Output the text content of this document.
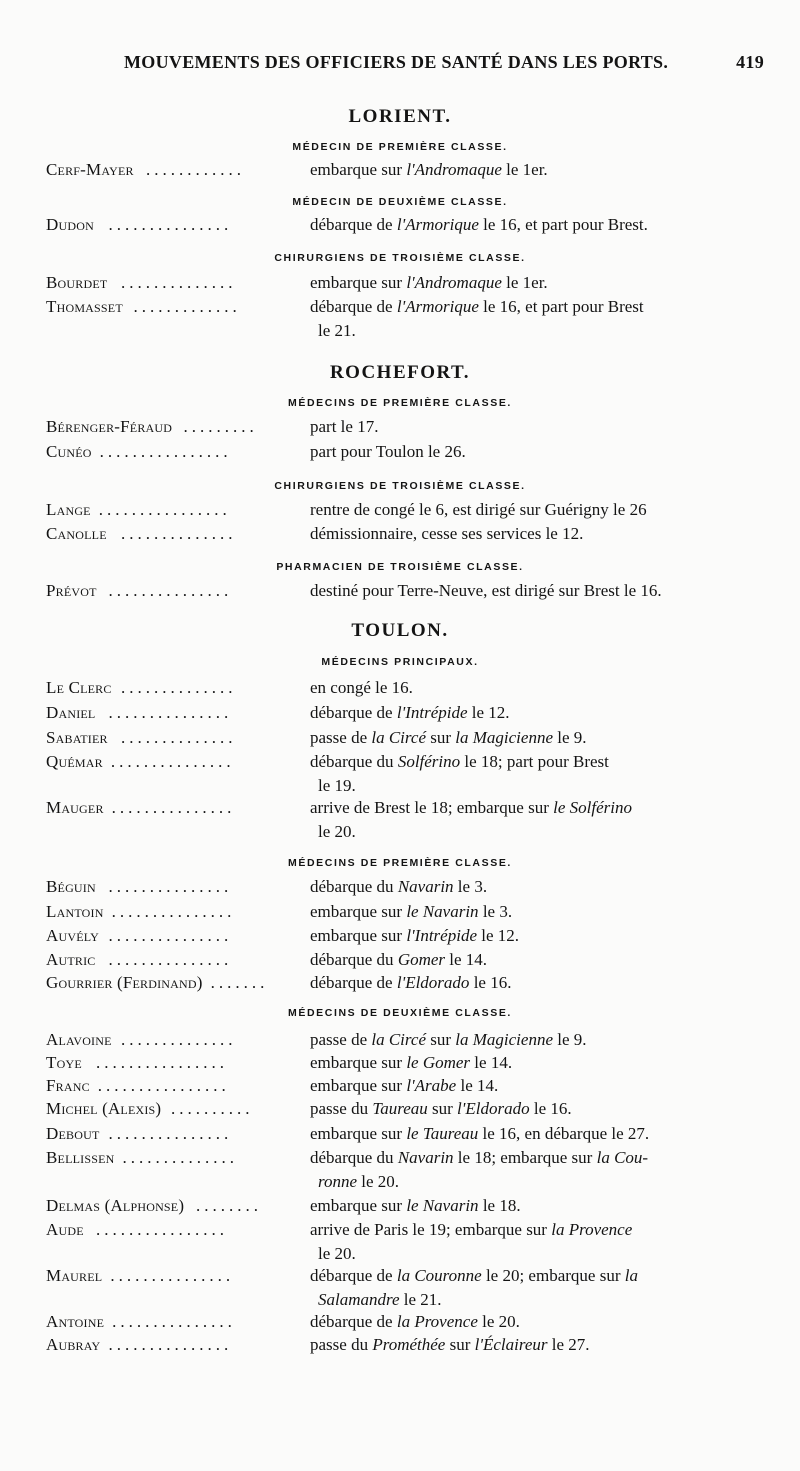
MOUVEMENTS DES OFFICIERS DE SANTÉ DANS LES PORTS.	419
LORIENT.
MÉDECIN DE PREMIÈRE CLASSE.
Cerf-Mayer ............	embarque sur l'Andromaque le 1er.
MÉDECIN DE DEUXIÈME CLASSE.
Dudon ...............	débarque de l'Armorique le 16, et part pour Brest.
CHIRURGIENS DE TROISIÈME CLASSE.
Bourdet ..............	embarque sur l'Andromaque le 1er.
Thomasset .............	débarque de l'Armorique le 16, et part pour Brest
le 21.
ROCHEFORT.
MÉDECINS DE PREMIÈRE CLASSE.
Bérenger-Féraud .........	part le 17.
Cunéo ................	part pour Toulon le 26.
CHIRURGIENS DE TROISIÈME CLASSE.
Lange ................	rentre de congé le 6, est dirigé sur Guérigny le 26
Canolle ..............	démissionnaire, cesse ses services le 12.
PHARMACIEN DE TROISIÈME CLASSE.
Prévot ...............	destiné pour Terre-Neuve, est dirigé sur Brest le 16.
TOULON.
MÉDECINS PRINCIPAUX.
Le Clerc ..............	en congé le 16.
Daniel ...............	débarque de l'Intrépide le 12.
Sabatier ..............	passe de la Circé sur la Magicienne le 9.
Quémar ...............	débarque du Solférino le 18; part pour Brest
le 19.
Mauger ...............	arrive de Brest le 18; embarque sur le Solférino
le 20.
MÉDECINS DE PREMIÈRE CLASSE.
Béguin ...............	débarque du Navarin le 3.
Lantoin ...............	embarque sur le Navarin le 3.
Auvély ...............	embarque sur l'Intrépide le 12.
Autric ...............	débarque du Gomer le 14.
Gourrier (Ferdinand) ....... débarque de l'Eldorado le 16.
MÉDECINS DE DEUXIÈME CLASSE.
Alavoine ..............	passe de la Circé sur la Magicienne le 9.
Toye ................	embarque sur le Gomer le 14.
Franc ................	embarque sur l'Arabe le 14.
Michel (Alexis) ..........	passe du Taureau sur l'Eldorado le 16.
Debout ...............	embarque sur le Taureau le 16, en débarque le 27.
Bellissen ..............	débarque du Navarin le 18; embarque sur la Cou-
ronne le 20.
Delmas (Alphonse) ........	embarque sur le Navarin le 18.
Aude ................	arrive de Paris le 19; embarque sur la Provence
le 20.
Maurel ...............	débarque de la Couronne le 20; embarque sur la
Salamandre le 21.
Antoine ...............	débarque de la Provence le 20.
Aubray ...............	passe du Prométhée sur l'Éclaireur le 27.
